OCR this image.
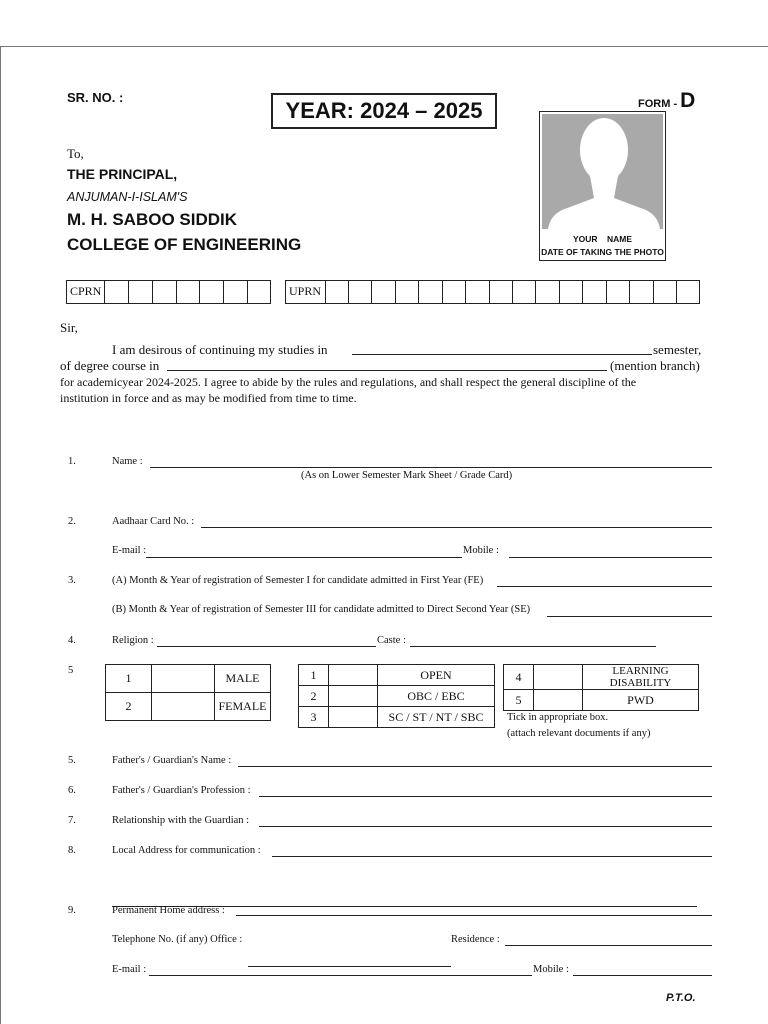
SR. NO. :
YEAR: 2024 – 2025	FORM - D
YOUR    NAME
DATE OF TAKING THE PHOTO
To,
THE PRINCIPAL,
ANJUMAN-I-ISLAM'S
M. H. SABOO SIDDIK
COLLEGE OF ENGINEERING
CPRN	UPRN
Sir,
I am desirous of continuing my studies in	semester,
of degree course in	(mention branch)
for academicyear 2024-2025. I agree to abide by the rules and regulations, and shall respect the general discipline of the
institution in force and as may be modified from time to time.
1.	Name :
(As on Lower Semester Mark Sheet / Grade Card)
2.	Aadhaar Card No. :
E-mail :	Mobile :
3.	(A) Month & Year of registration of Semester I for candidate admitted in First Year (FE)
(B) Month & Year of registration of Semester III for candidate admitted to Direct Second Year (SE)
4.	Religion :	Caste :
5
1		MALE
2		FEMALE
1		OPEN
2		OBC / EBC
3		SC / ST / NT / SBC
4		LEARNING DISABILITY
5		PWD
Tick in appropriate box.
(attach relevant documents if any)
5.	Father's / Guardian's Name :
6.	Father's / Guardian's Profession :
7.	Relationship with the Guardian :
8.	Local Address for communication :
9.	Permanent Home address :
Telephone No. (if any) Office :	Residence :
E-mail :	Mobile :
P.T.O.
